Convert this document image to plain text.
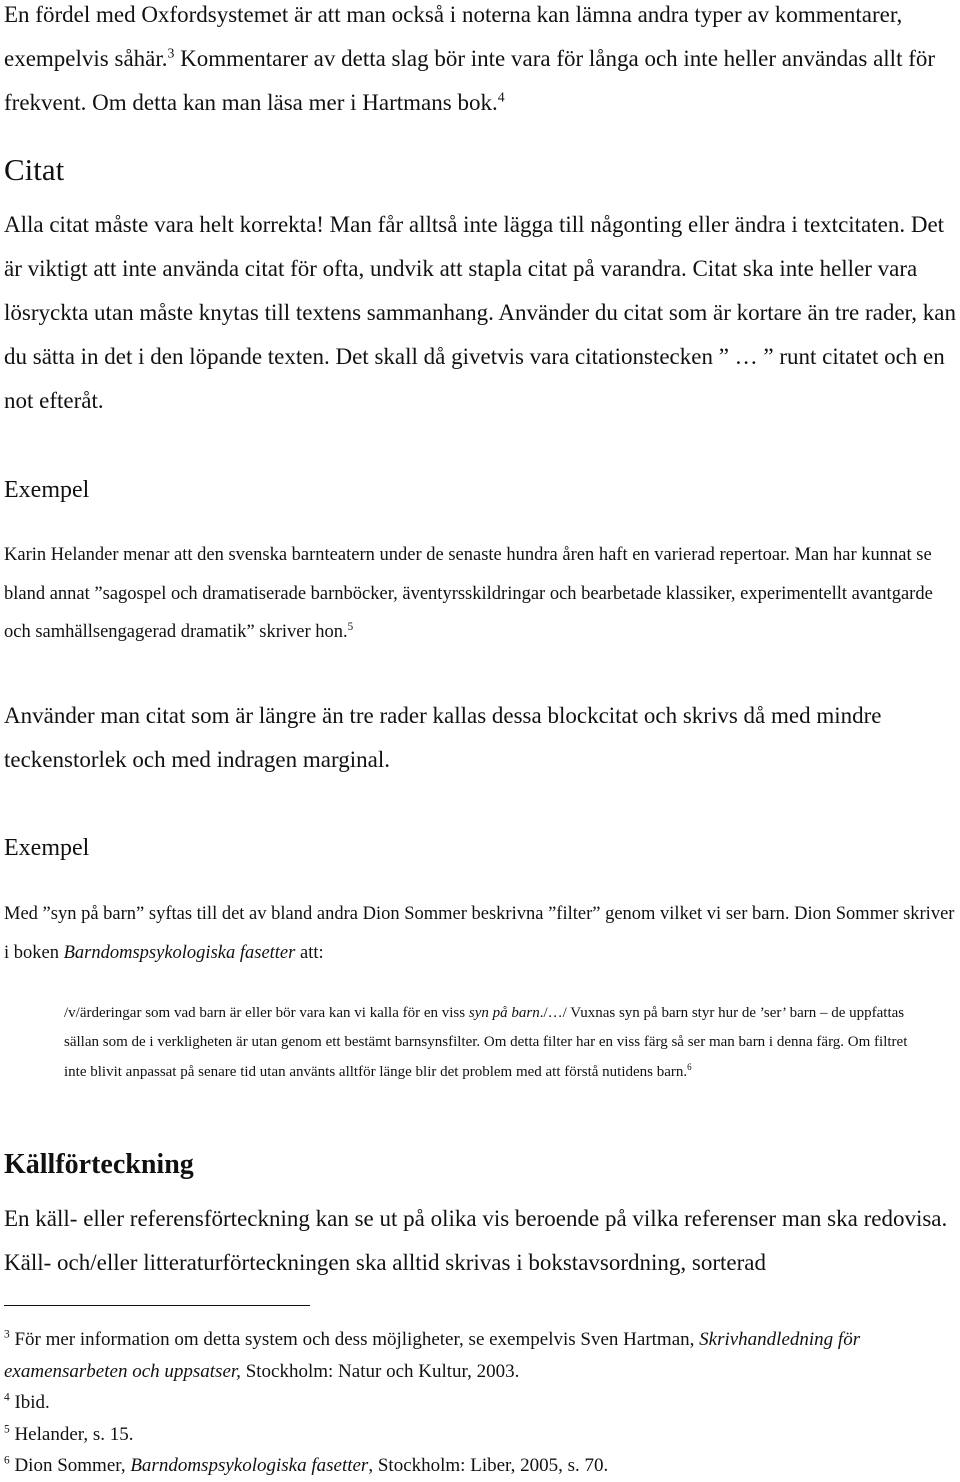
En fördel med Oxfordsystemet är att man också i noterna kan lämna andra typer av kommentarer, exempelvis såhär.$^3$ Kommentarer av detta slag bör inte vara för långa och inte heller användas allt för frekvent. Om detta kan man läsa mer i Hartmans bok.$^4$

Citat

Alla citat måste vara helt korrekta! Man får alltså inte lägga till någonting eller ändra i textcitaten. Det är viktigt att inte använda citat för ofta, undvik att stapla citat på varandra. Citat ska inte heller vara lösryckta utan måste knytas till textens sammanhang. Använder du citat som är kortare än tre rader, kan du sätta in det i den löpande texten. Det skall då givetvis vara citationstecken ” … ” runt citatet och en not efteråt.

Exempel

Karin Helander menar att den svenska barnteatern under de senaste hundra åren haft en varierad repertoar. Man har kunnat se bland annat ”sagospel och dramatiserade barnböcker, äventyrsskildringar och bearbetade klassiker, experimentellt avantgarde och samhällsengagerad dramatik” skriver hon.$^5$

Använder man citat som är längre än tre rader kallas dessa blockcitat och skrivs då med mindre teckenstorlek och med indragen marginal.

Exempel

Med ”syn på barn” syftas till det av bland andra Dion Sommer beskrivna ”filter” genom vilket vi ser barn. Dion Sommer skriver i boken Barndomspsykologiska fasetter att:

/v/ärderingar som vad barn är eller bör vara kan vi kalla för en viss syn på barn./…/ Vuxnas syn på barn styr hur de ’ser’ barn – de uppfattas sällan som de i verkligheten är utan genom ett bestämt barnsynsfilter. Om detta filter har en viss färg så ser man barn i denna färg. Om filtret inte blivit anpassat på senare tid utan använts alltför länge blir det problem med att förstå nutidens barn.$^6$

Källförteckning

En käll- eller referensförteckning kan se ut på olika vis beroende på vilka referenser man ska redovisa. Käll- och/eller litteraturförteckningen ska alltid skrivas i bokstavsordning, sorterad

$^3$ För mer information om detta system och dess möjligheter, se exempelvis Sven Hartman, Skrivhandledning för examensarbeten och uppsatser, Stockholm: Natur och Kultur, 2003.

$^4$ Ibid.

$^5$ Helander, s. 15.

$^6$ Dion Sommer, Barndomspsykologiska fasetter, Stockholm: Liber, 2005, s. 70.
